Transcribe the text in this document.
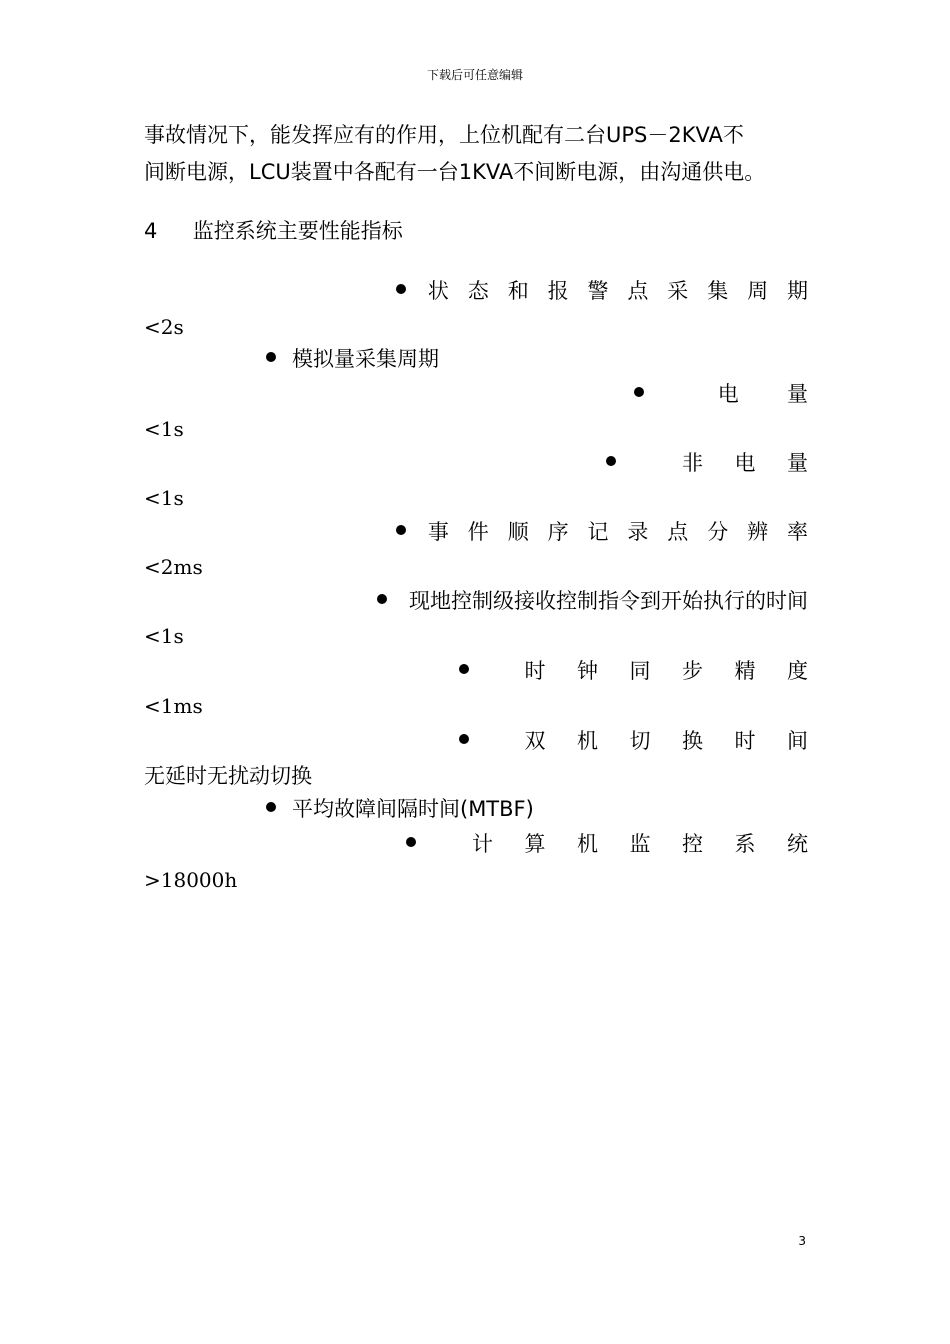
下载后可任意编辑
事故情况下，能发挥应有的作用，上位机配有二台UPS－2KVA不
间断电源，LCU装置中各配有一台1KVA不间断电源，由沟通供电。
4 监控系统主要性能指标
状态和报警点采集周期
<2s
模拟量采集周期
电量
<1s
非电量
<1s
事件顺序记录点分辨率
<2ms
现地控制级接收控制指令到开始执行的时间
<1s
时钟同步精度
<1ms
双机切换时间
无延时无扰动切换
平均故障间隔时间(MTBF)
计算机监控系统
>18000h
3
